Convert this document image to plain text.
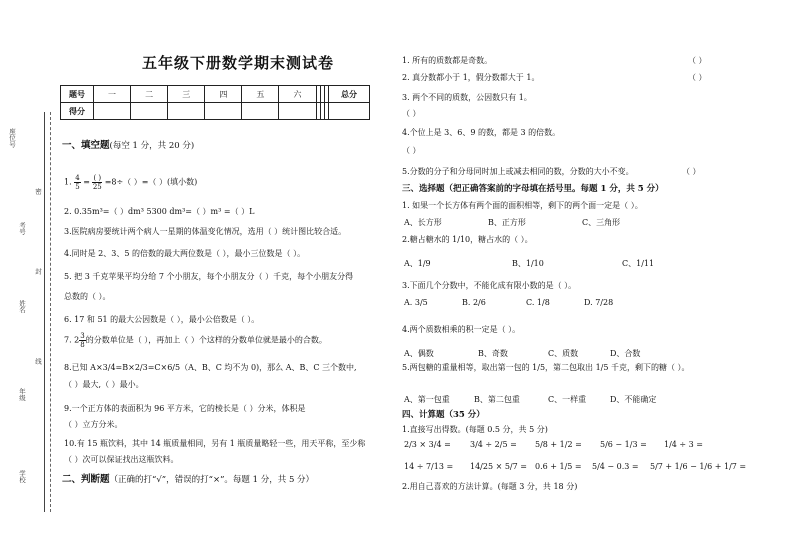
座位号
考号
姓名
年级
学校
密
封
线
五年级下册数学期末测试卷
题号	一	二	三	四	五	六				总分
得分										
一、填空题(每空 1 分，共 20 分)
1. $\frac{4}{5} = \frac{( )}{25} =8\div$（ ）=（ ）(填小数)
2. 0.35m³=（ ）dm³ 5300 dm³=（ ）m³ =（ ）L
3.医院病房要统计两个病人一星期的体温变化情况，选用（ ）统计图比较合适。
4.同时是 2、3、5 的倍数的最大两位数是（ ），最小三位数是（ ）。
5. 把 3 千克苹果平均分给 7 个小朋友，每个小朋友分（ ）千克，每个小朋友分得
总数的（ ）。
6. 17 和 51 的最大公因数是（ ），最小公倍数是（ ）。
7. $2 \frac{3}{8}$ 的分数单位是（ ），再加上（ ）个这样的分数单位就是最小的合数。
8.已知 A×3/4=B×2/3=C×6/5（A、B、C 均不为 0)，那么 A、B、C 三个数中,
（ ）最大,（ ）最小。
9.一个正方体的表面积为 96 平方米，它的棱长是（ ）分米，体积是
（ ）立方分米。
10.有 15 瓶饮料，其中 14 瓶质量相同，另有 1 瓶质量略轻一些，用天平称，至少称
（ ）次可以保证找出这瓶饮料。
二、判断题（正确的打“√”，错误的打“×”。每题 1 分，共 5 分）
1. 所有的质数都是奇数。	（ ）
2. 真分数都小于 1，假分数都大于 1。	（ ）
3. 两个不同的质数，公因数只有 1。
（ ）
4.个位上是 3、6、9 的数，都是 3 的倍数。
（ ）
5.分数的分子和分母同时加上或减去相同的数，分数的大小不变。	（ ）
三、选择题（把正确答案前的字母填在括号里。每题 1 分，共 5 分）
1. 如果一个长方体有两个面的面积相等，剩下的两个面一定是（ ）。
A、长方形	B、正方形	C、三角形
2.糖占糖水的 1/10，糖占水的（ ）。
A、1/9	B、1/10	C、1/11
3.下面几个分数中，不能化成有限小数的是（ ）。
A. 3/5	B. 2/6	C. 1/8	D. 7/28
4.两个质数相乘的积一定是（ ）。
A、偶数	B、奇数	C、质数	D、合数
5.两包糖的重量相等，取出第一包的 1/5，第二包取出 1/5 千克，剩下的糖（ ）。
A、第一包重	B、第二包重	C、一样重	D、不能确定
四、计算题（35 分）
1.直接写出得数。(每题 0.5 分，共 5 分)
2/3 × 3/4 = 3/4 ÷ 2/5 = 5/8 + 1/2 = 5/6 − 1/3 = 1/4 ÷ 3 =
14 ÷ 7/13 = 14/25 × 5/7 = 0.6 + 1/5 = 5/4 − 0.3 = 5/7 + 1/6 − 1/6 + 1/7 =
2.用自己喜欢的方法计算。(每题 3 分，共 18 分)
